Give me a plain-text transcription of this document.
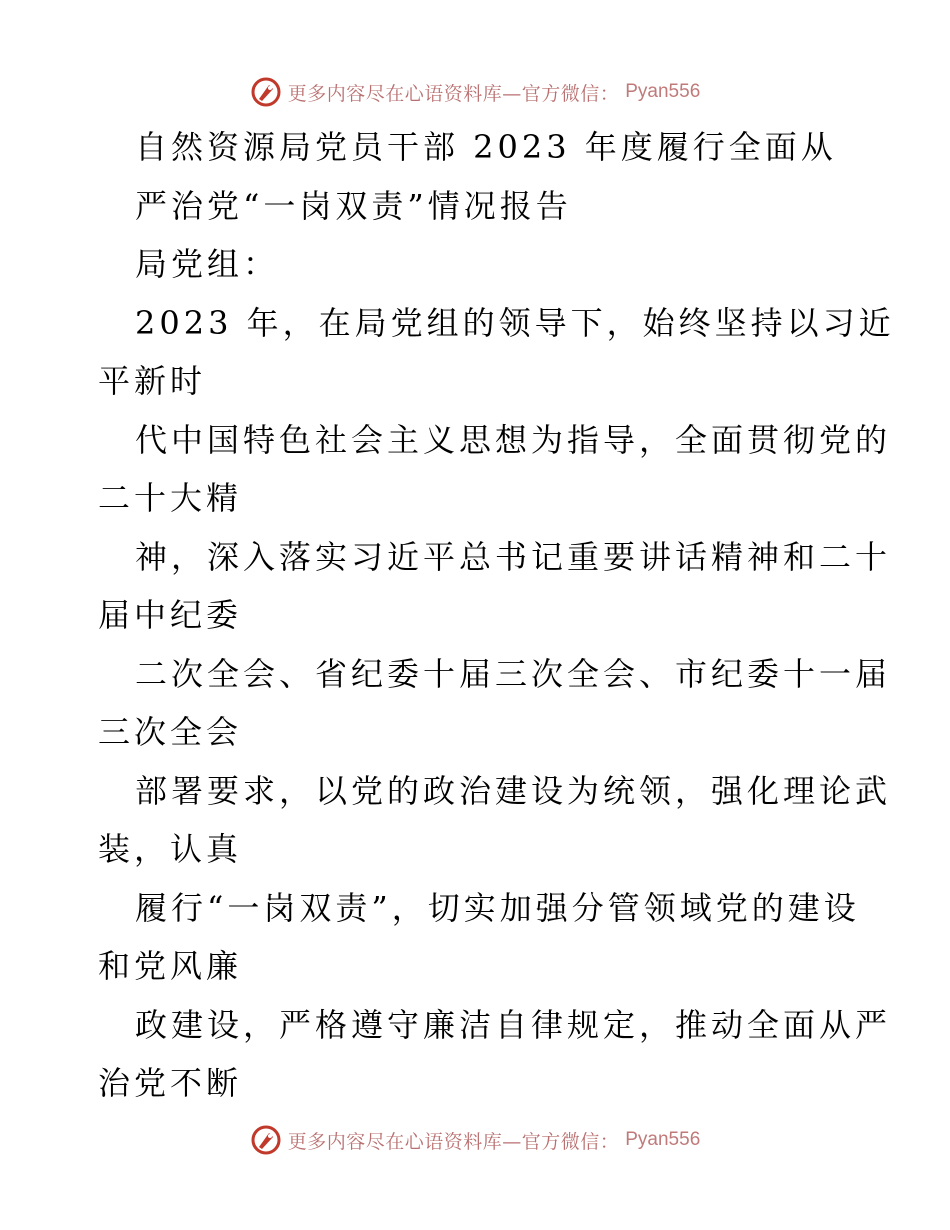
更多内容尽在心语资料库—官方微信： Pyan556
自然资源局党员干部 2023 年度履行全面从
严治党“一岗双责”情况报告
局党组：
2023 年，在局党组的领导下，始终坚持以习近
平新时
代中国特色社会主义思想为指导，全面贯彻党的
二十大精
神，深入落实习近平总书记重要讲话精神和二十
届中纪委
二次全会、省纪委十届三次全会、市纪委十一届
三次全会
部署要求，以党的政治建设为统领，强化理论武
装，认真
履行“一岗双责”，切实加强分管领域党的建设
和党风廉
政建设，严格遵守廉洁自律规定，推动全面从严
治党不断
更多内容尽在心语资料库—官方微信： Pyan556
